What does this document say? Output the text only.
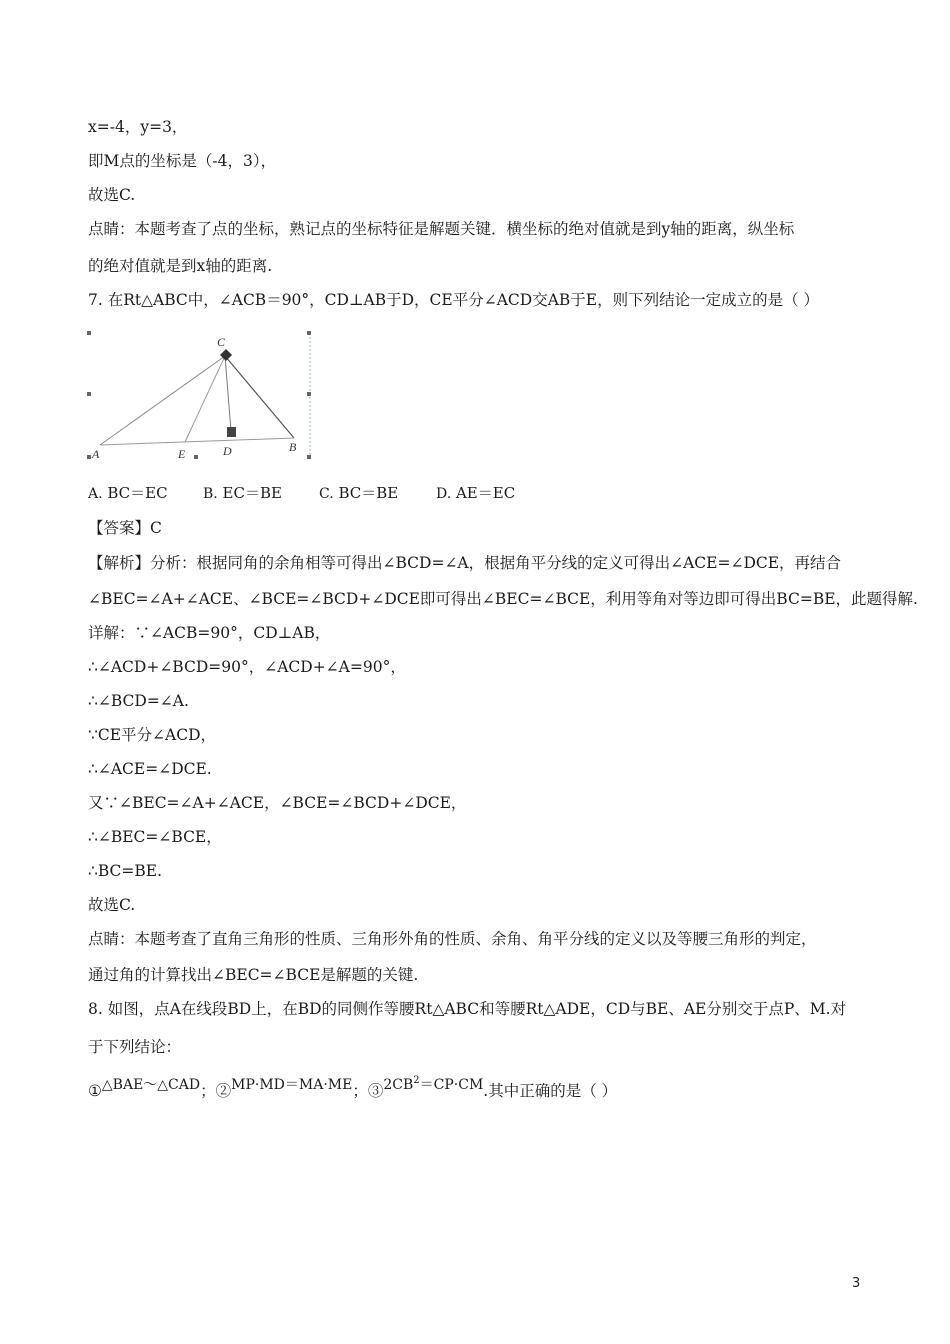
x=-4，y=3，
即M点的坐标是（-4，3），
故选C.
点睛：本题考查了点的坐标，熟记点的坐标特征是解题关键．横坐标的绝对值就是到y轴的距离，纵坐标
的绝对值就是到x轴的距离.
7. 在Rt△ABC中，∠ACB＝90°，CD⊥AB于D，CE平分∠ACD交AB于E，则下列结论一定成立的是（ ）
C
A	E	D	B
A. BC＝EC	B. EC＝BE	C. BC＝BE	D. AE＝EC
【答案】C
【解析】分析：根据同角的余角相等可得出∠BCD=∠A，根据角平分线的定义可得出∠ACE=∠DCE，再结合
∠BEC=∠A+∠ACE、∠BCE=∠BCD+∠DCE即可得出∠BEC=∠BCE，利用等角对等边即可得出BC=BE，此题得解.
详解：∵∠ACB=90°，CD⊥AB，
∴∠ACD+∠BCD=90°，∠ACD+∠A=90°，
∴∠BCD=∠A.
∵CE平分∠ACD，
∴∠ACE=∠DCE.
又∵∠BEC=∠A+∠ACE，∠BCE=∠BCD+∠DCE，
∴∠BEC=∠BCE，
∴BC=BE.
故选C.
点睛：本题考查了直角三角形的性质、三角形外角的性质、余角、角平分线的定义以及等腰三角形的判定，
通过角的计算找出∠BEC=∠BCE是解题的关键.
8. 如图，点A在线段BD上，在BD的同侧作等腰Rt△ABC和等腰Rt△ADE，CD与BE、AE分别交于点P、M.对
于下列结论：
①△BAE～△CAD；②MP·MD＝MA·ME；$③2CB^2=CP\cdot CM$.其中正确的是（ ）
3
